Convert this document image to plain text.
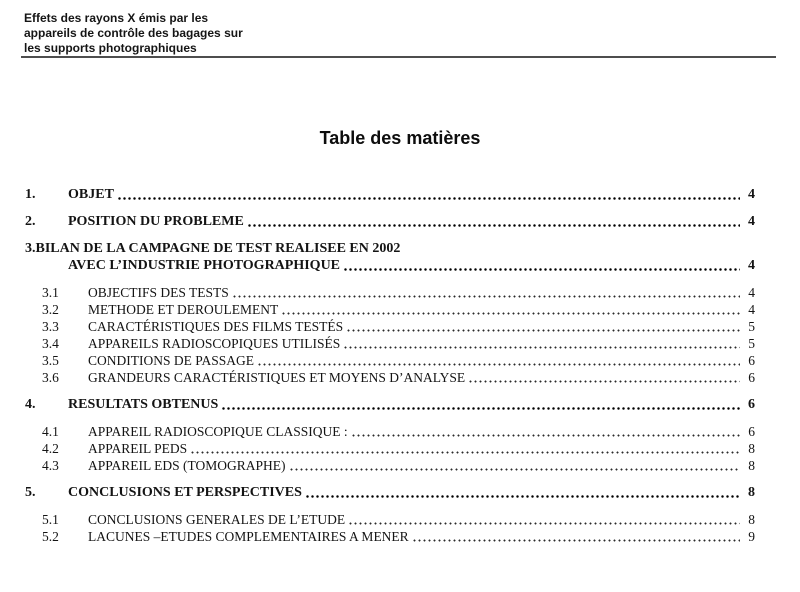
Effets des rayons X émis par les
appareils de contrôle des bagages sur
les supports photographiques
Table des matières
1.	OBJET	4
2.	POSITION DU PROBLEME	4
3. BILAN DE LA CAMPAGNE DE TEST REALISEE EN 2002
AVEC L’INDUSTRIE PHOTOGRAPHIQUE	4
3.1	OBJECTIFS DES TESTS	4
3.2	METHODE ET DEROULEMENT	4
3.3	CARACTÉRISTIQUES DES FILMS TESTÉS	5
3.4	APPAREILS RADIOSCOPIQUES UTILISÉS	5
3.5	CONDITIONS DE PASSAGE	6
3.6	GRANDEURS CARACTÉRISTIQUES ET MOYENS D’ANALYSE	6
4.	RESULTATS OBTENUS	6
4.1	APPAREIL RADIOSCOPIQUE CLASSIQUE :	6
4.2	APPAREIL PEDS	8
4.3	APPAREIL EDS (TOMOGRAPHE)	8
5.	CONCLUSIONS ET PERSPECTIVES	8
5.1	CONCLUSIONS GENERALES DE L’ETUDE	8
5.2	LACUNES –ETUDES COMPLEMENTAIRES A MENER	9
